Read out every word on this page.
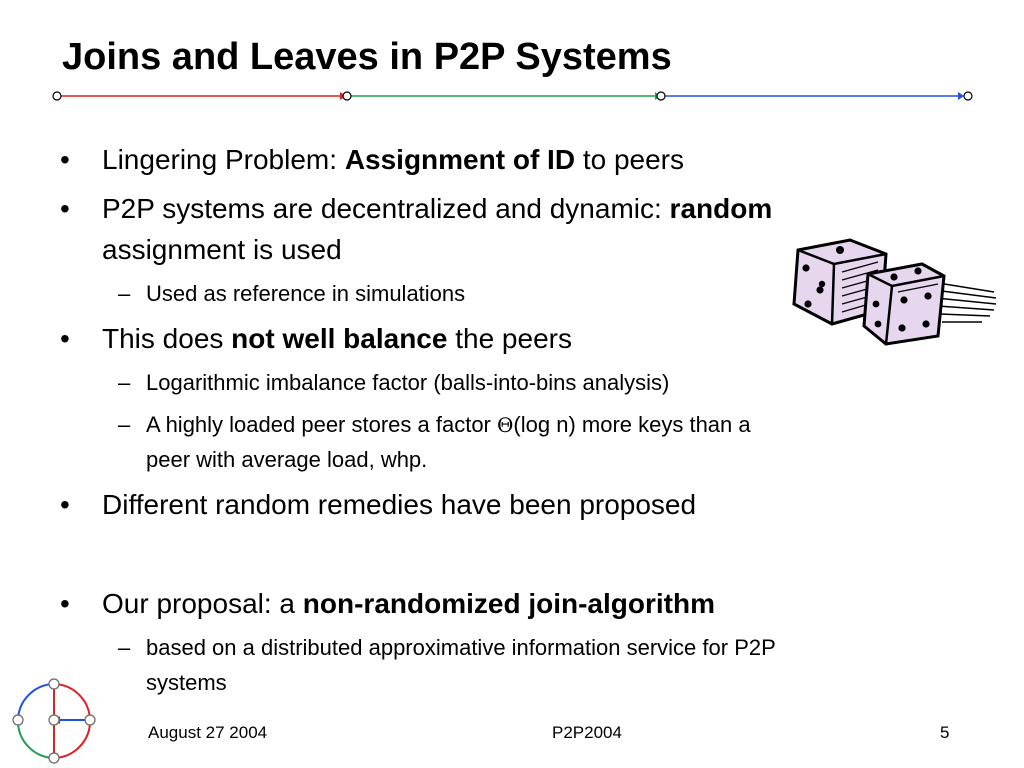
Joins and Leaves in P2P Systems

• Lingering Problem: Assignment of ID to peers

• P2P systems are decentralized and dynamic: random

assignment is used

– Used as reference in simulations

• This does not well balance the peers

– Logarithmic imbalance factor (balls-into-bins analysis)

– A highly loaded peer stores a factor Θ(log n) more keys than a

peer with average load, whp.

• Different random remedies have been proposed

• Our proposal: a non-randomized join-algorithm

– based on a distributed approximative information service for P2P

systems

August 27 2004	P2P2004	5
